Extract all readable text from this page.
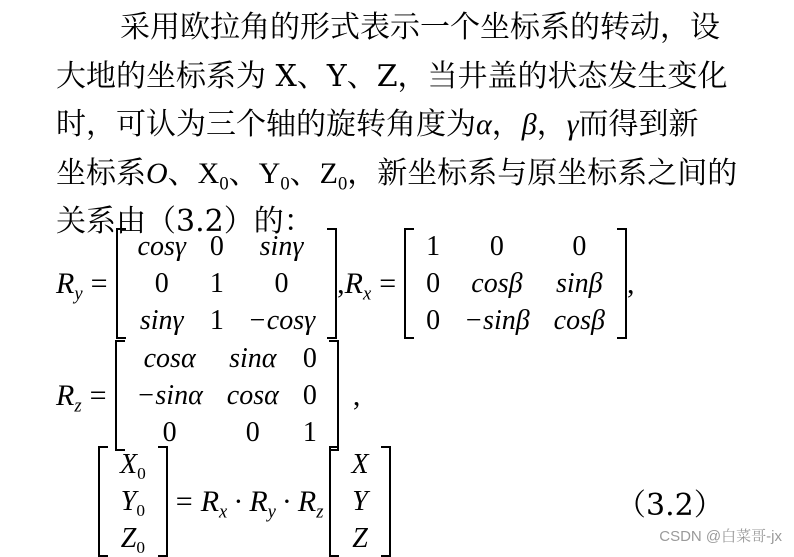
采用欧拉角的形式表示一个坐标系的转动，设
大地的坐标系为 X、Y、Z，当井盖的状态发生变化
时，可认为三个轴的旋转角度为α，β，γ而得到新
坐标系O、$X_0$、$Y_0$、$Z_0$，新坐标系与原坐标系之间的
关系由（3.2）的：
$R_y$ =
cosγ	0	sinγ
0	1	0
sinγ	1	−cosγ
, $R_x$ =
1	0	0
0	cosβ	sinβ
0	−sinβ	cosβ
,
$R_z$ =
cosα	sinα	0
−sinα	cosα	0
0	0	1
,
$X_0$
$Y_0$
$Z_0$
= $R_x \cdot R_y \cdot R_z$
X
Y
Z
（3.2）
CSDN @白菜哥-jx
